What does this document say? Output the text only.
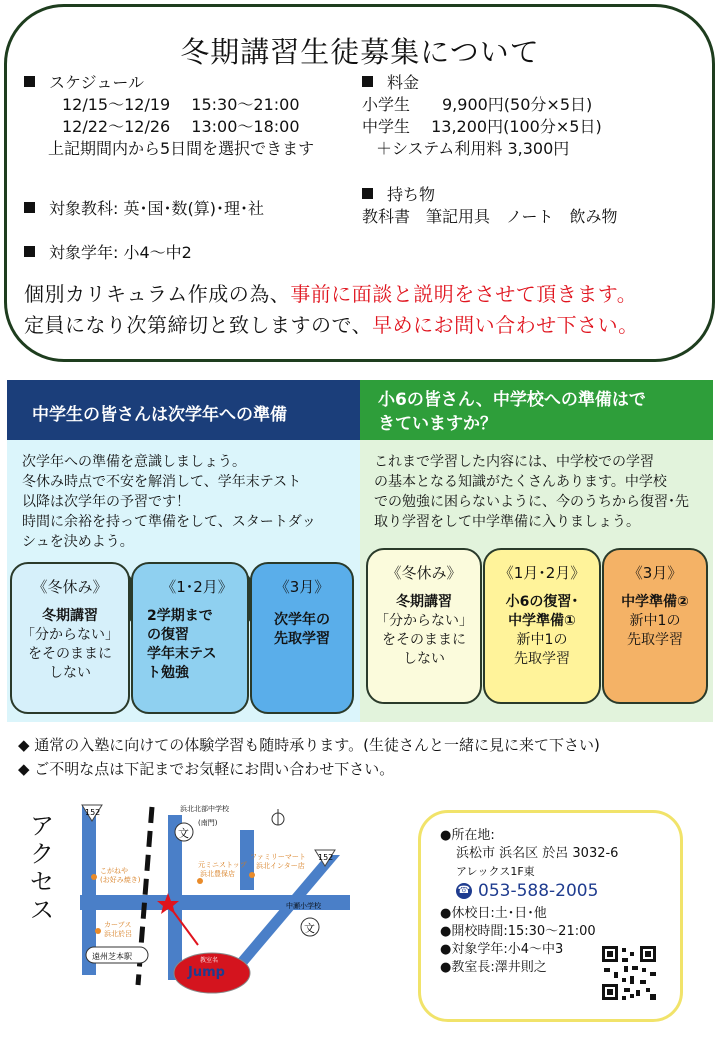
冬期講習生徒募集について
スケジュール
12/15〜12/19　 15:30〜21:00
12/22〜12/26　 13:00〜18:00
上記期間内から5日間を選択できます
料金
小学生　　9,900円(50分×5日)
中学生　 13,200円(100分×5日)
＋システム利用料 3,300円
持ち物
教科書　筆記用具　ノート　飲み物
対象教科: 英･国･数(算)･理･社
対象学年: 小4〜中2
個別カリキュラム作成の為、事前に面談と説明をさせて頂きます。
定員になり次第締切と致しますので、早めにお問い合わせ下さい。
中学生の皆さんは次学年への準備
次学年への準備を意識しましょう。
冬休み時点で不安を解消して、学年末テスト
以降は次学年の予習です！
時間に余裕を持って準備をして、スタートダッ
シュを決めよう。
《冬休み》
冬期講習
「分からない」
をそのままに
しない
《1･2月》
2学期まで
の復習
学年末テス
ト勉強
《3月》
次学年の
先取学習
小6の皆さん、中学校への準備はで
きていますか？
これまで学習した内容には、中学校での学習
の基本となる知識がたくさんあります。中学校
での勉強に困らないように、今のうちから復習･先
取り学習をして中学準備に入りましょう。
《冬休み》
冬期講習
「分からない」
をそのままに
しない
《1月･2月》
小6の復習･
中学準備①
新中1の
先取学習
《3月》
中学準備②
新中1の
先取学習
◆ 通常の入塾に向けての体験学習も随時承ります。(生徒さんと一緒に見に来て下さい)
◆ ご不明な点は下記までお気軽にお問い合わせ下さい。
アクセス
152
152
文
文
浜北北部中学校
(南門)
こがねや
(お好み焼き)
カーブス
浜北於呂
元ミニストップ
浜北豊保店
ファミリーマート
浜北インター店
中瀬小学校
遠州芝本駅	教室名
Jump
●所在地:
浜松市 浜名区 於呂 3032-6
アレックス1F東
☎ 053-588-2005
●休校日:土･日･他
●開校時間:15:30〜21:00
●対象学年:小4〜中3
●教室長:澤井則之
